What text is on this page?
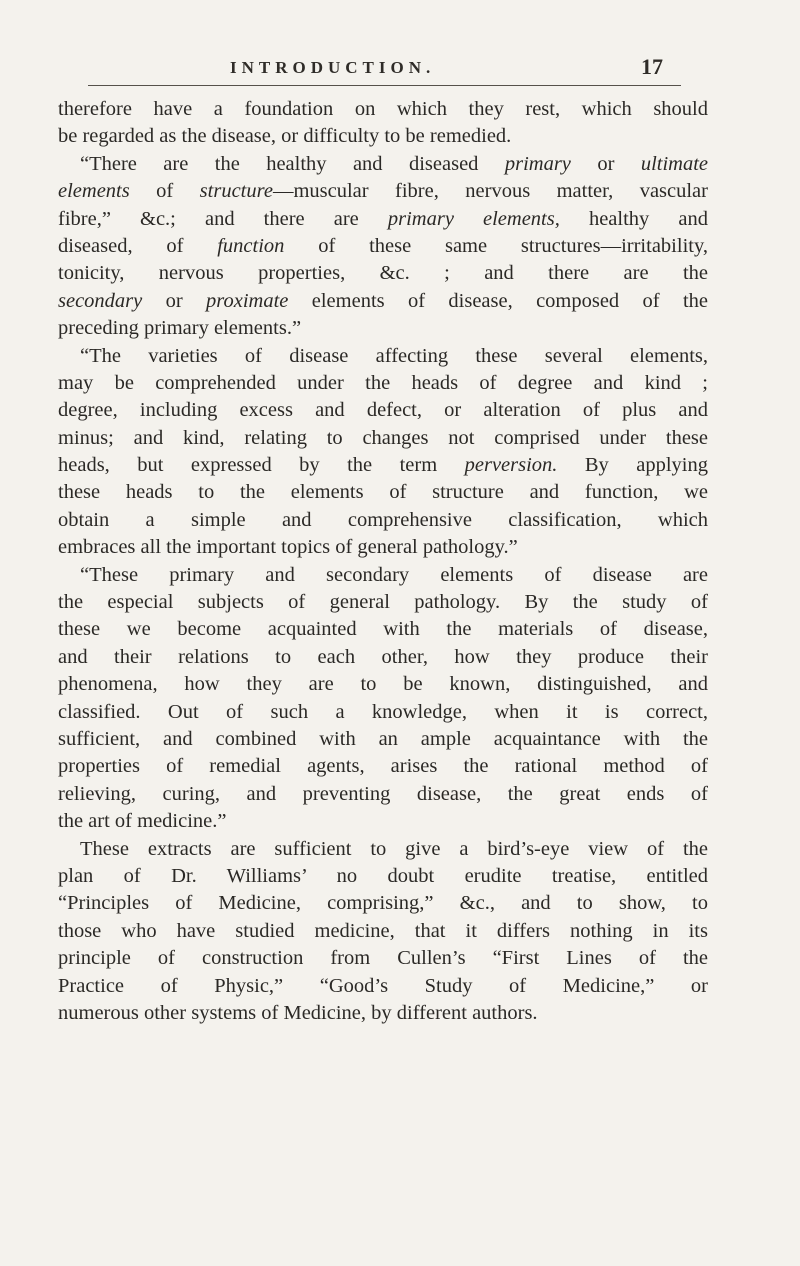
INTRODUCTION.	17
therefore have a foundation on which they rest, which should
be regarded as the disease, or difficulty to be remedied.
“There are the healthy and diseased primary or ultimate
elements of structure—muscular fibre, nervous matter, vascular
fibre,” &c.; and there are primary elements, healthy and
diseased, of function of these same structures—irritability,
tonicity, nervous properties, &c. ; and there are the
secondary or proximate elements of disease, composed of the
preceding primary elements.”
“The varieties of disease affecting these several elements,
may be comprehended under the heads of degree and kind ;
degree, including excess and defect, or alteration of plus and
minus; and kind, relating to changes not comprised under these
heads, but expressed by the term perversion. By applying
these heads to the elements of structure and function, we
obtain a simple and comprehensive classification, which
embraces all the important topics of general pathology.”
“These primary and secondary elements of disease are
the especial subjects of general pathology. By the study of
these we become acquainted with the materials of disease,
and their relations to each other, how they produce their
phenomena, how they are to be known, distinguished, and
classified. Out of such a knowledge, when it is correct,
sufficient, and combined with an ample acquaintance with the
properties of remedial agents, arises the rational method of
relieving, curing, and preventing disease, the great ends of
the art of medicine.”
These extracts are sufficient to give a bird’s-eye view of the
plan of Dr. Williams’ no doubt erudite treatise, entitled
“Principles of Medicine, comprising,” &c., and to show, to
those who have studied medicine, that it differs nothing in its
principle of construction from Cullen’s “First Lines of the
Practice of Physic,” “Good’s Study of Medicine,” or
numerous other systems of Medicine, by different authors.
